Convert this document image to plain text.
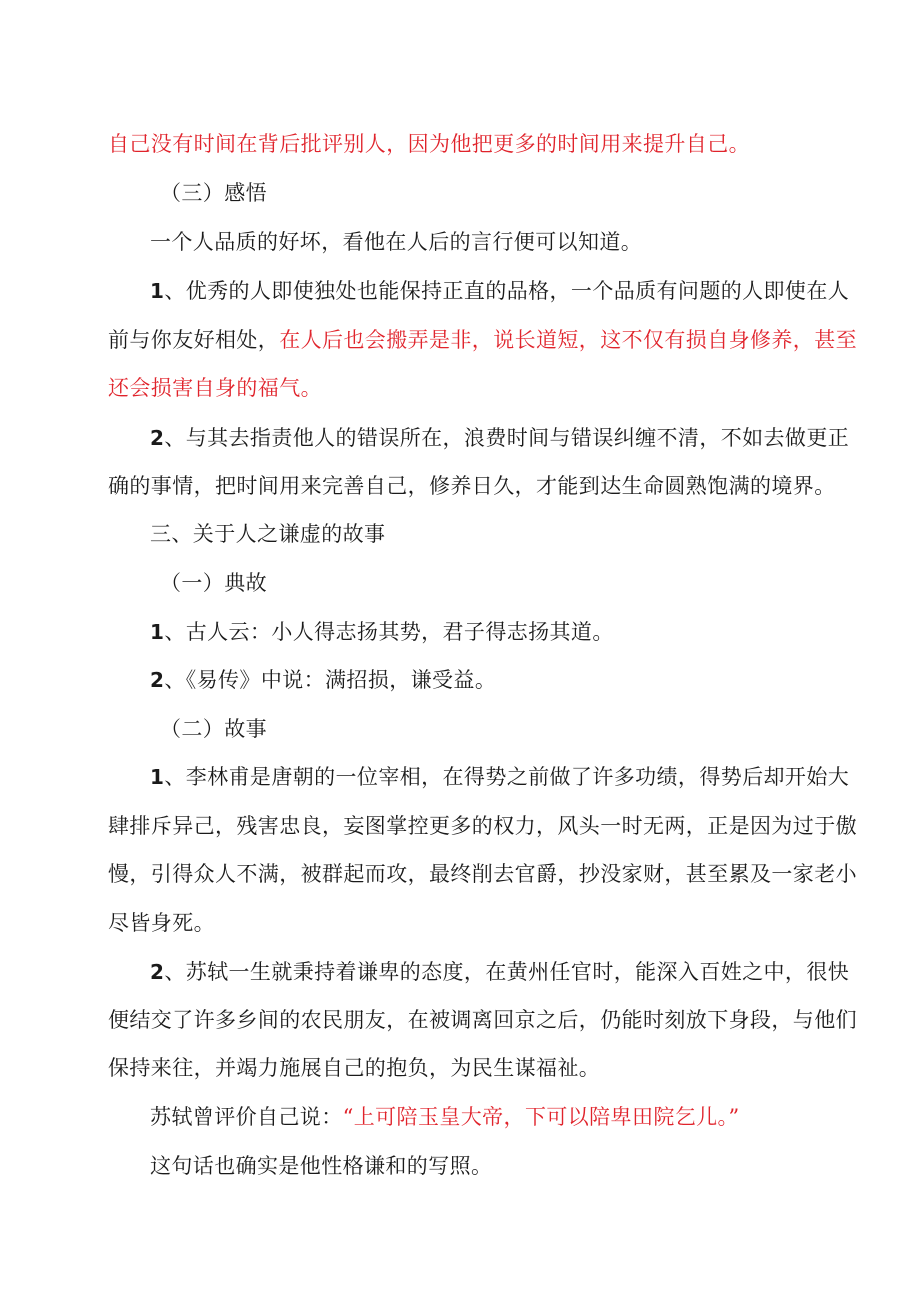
自己没有时间在背后批评别人，因为他把更多的时间用来提升自己。
（三）感悟
一个人品质的好坏，看他在人后的言行便可以知道。
1、优秀的人即使独处也能保持正直的品格，一个品质有问题的人即使在人
前与你友好相处，在人后也会搬弄是非，说长道短，这不仅有损自身修养，甚至
还会损害自身的福气。
2、与其去指责他人的错误所在，浪费时间与错误纠缠不清，不如去做更正
确的事情，把时间用来完善自己，修养日久，才能到达生命圆熟饱满的境界。
三、关于人之谦虚的故事
（一）典故
1、古人云：小人得志扬其势，君子得志扬其道。
2、《易传》中说：满招损，谦受益。
（二）故事
1、李林甫是唐朝的一位宰相，在得势之前做了许多功绩，得势后却开始大
肆排斥异己，残害忠良，妄图掌控更多的权力，风头一时无两，正是因为过于傲
慢，引得众人不满，被群起而攻，最终削去官爵，抄没家财，甚至累及一家老小
尽皆身死。
2、苏轼一生就秉持着谦卑的态度，在黄州任官时，能深入百姓之中，很快
便结交了许多乡间的农民朋友，在被调离回京之后，仍能时刻放下身段，与他们
保持来往，并竭力施展自己的抱负，为民生谋福祉。
苏轼曾评价自己说：“上可陪玉皇大帝，下可以陪卑田院乞儿。”
这句话也确实是他性格谦和的写照。
